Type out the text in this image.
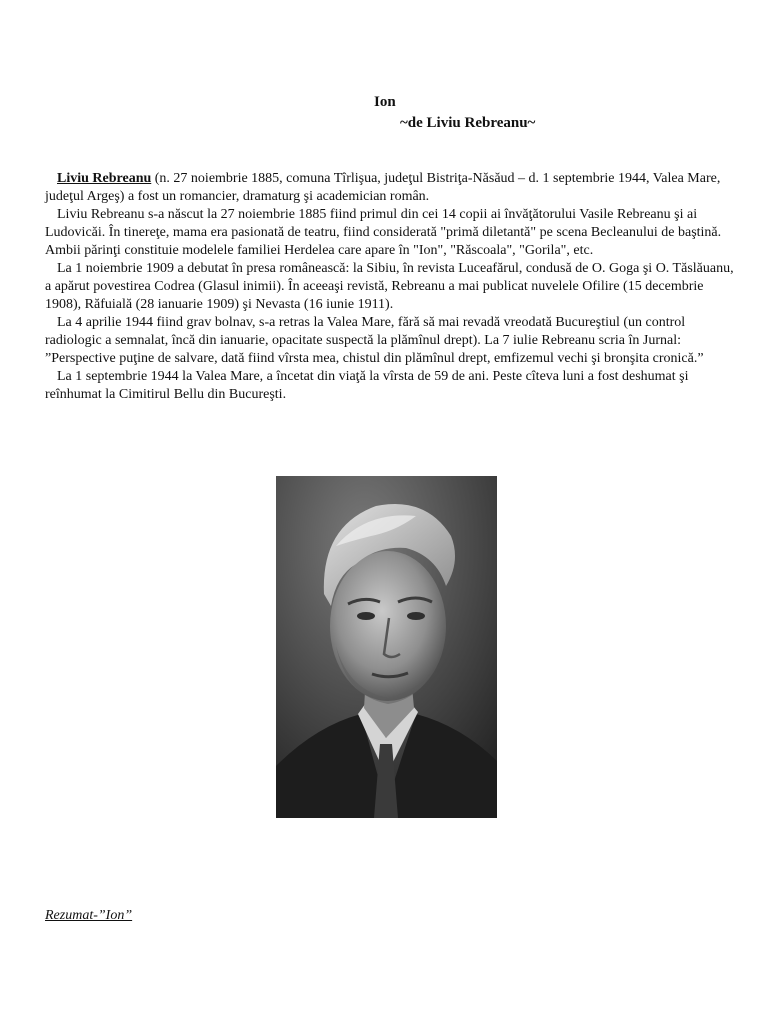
Ion
~de Liviu Rebreanu~

Liviu Rebreanu (n. 27 noiembrie 1885, comuna Tîrlişua, judeţul Bistriţa-Năsăud – d. 1 septembrie 1944, Valea Mare, judeţul Argeş) a fost un romancier, dramaturg şi academician român.

Liviu Rebreanu s-a născut la 27 noiembrie 1885 fiind primul din cei 14 copii ai învăţătorului Vasile Rebreanu şi ai Ludovicăi. În tinereţe, mama era pasionată de teatru, fiind considerată "primă diletantă" pe scena Becleanului de baştină. Ambii părinţi constituie modelele familiei Herdelea care apare în "Ion", "Răscoala", "Gorila", etc.

La 1 noiembrie 1909 a debutat în presa românească: la Sibiu, în revista Luceafărul, condusă de O. Goga şi O. Tăslăuanu, a apărut povestirea Codrea (Glasul inimii). În aceeaşi revistă, Rebreanu a mai publicat nuvelele Ofilire (15 decembrie 1908), Răfuială (28 ianuarie 1909) şi Nevasta (16 iunie 1911).

La 4 aprilie 1944 fiind grav bolnav, s-a retras la Valea Mare, fără să mai revadă vreodată Bucureştiul (un control radiologic a semnalat, încă din ianuarie, opacitate suspectă la plămînul drept). La 7 iulie Rebreanu scria în Jurnal: ”Perspective puţine de salvare, dată fiind vîrsta mea, chistul din plămînul drept, emfizemul vechi şi bronşita cronică.”

La 1 septembrie 1944 la Valea Mare, a încetat din viaţă la vîrsta de 59 de ani. Peste cîteva luni a fost deshumat şi reînhumat la Cimitirul Bellu din Bucureşti.

Rezumat-”Ion”
